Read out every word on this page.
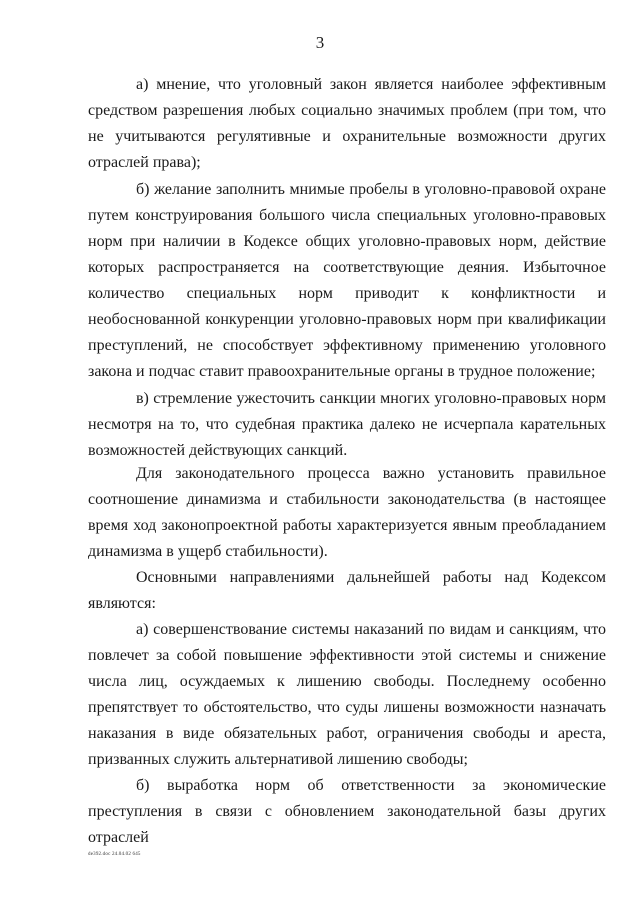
3

а) мнение, что уголовный закон является наиболее эффективным средством разрешения любых социально значимых проблем (при том, что не учитываются регулятивные и охранительные возможности других отраслей права);

б) желание заполнить мнимые пробелы в уголовно-правовой охране путем конструирования большого числа специальных уголовно-правовых норм при наличии в Кодексе общих уголовно-правовых норм, действие которых распространяется на соответствующие деяния. Избыточное количество специальных норм приводит к конфликтности и необоснованной конкуренции уголовно-правовых норм при квалификации преступлений, не способствует эффективному применению уголовного закона и подчас ставит правоохранительные органы в трудное положение;

в) стремление ужесточить санкции многих уголовно-правовых норм несмотря на то, что судебная практика далеко не исчерпала карательных возможностей действующих санкций.

Для законодательного процесса важно установить правильное соотношение динамизма и стабильности законодательства (в настоящее время ход законопроектной работы характеризуется явным преобладанием динамизма в ущерб стабильности).

Основными направлениями дальнейшей работы над Кодексом являются:

а) совершенствование системы наказаний по видам и санкциям, что повлечет за собой повышение эффективности этой системы и снижение числа лиц, осуждаемых к лишению свободы. Последнему особенно препятствует то обстоятельство, что суды лишены возможности назначать наказания в виде обязательных работ, ограничения свободы и ареста, призванных служить альтернативой лишению свободы;

б) выработка норм об ответственности за экономические преступления в связи с обновлением законодательной базы других отраслей

de392.doc 24.04.02 645
